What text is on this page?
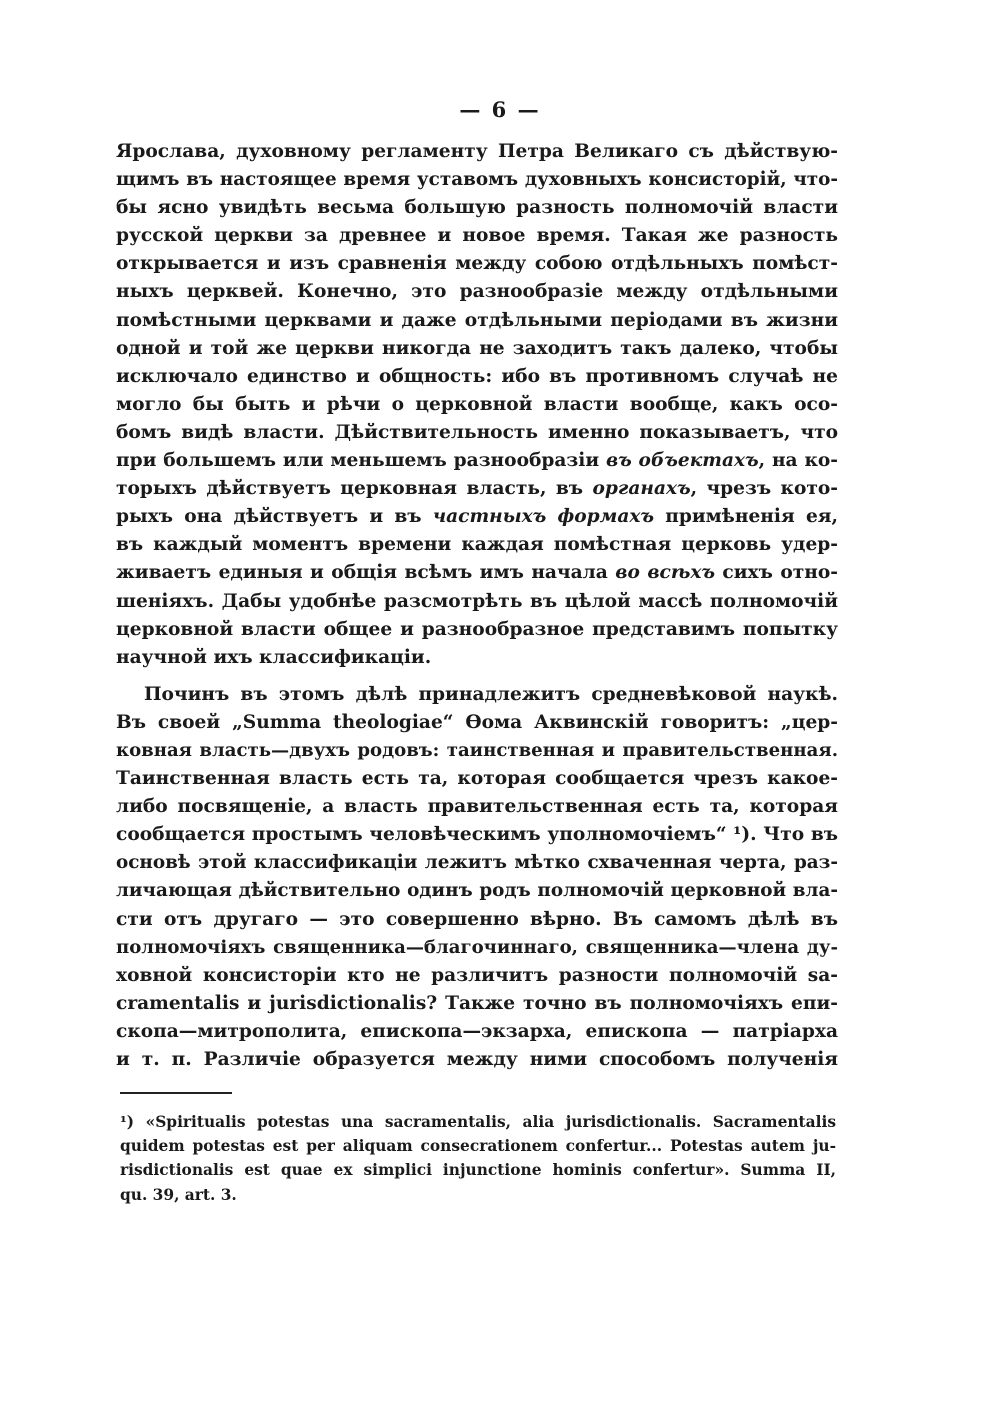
— 6 —
Ярослава, духовному регламенту Петра Великаго съ дѣйствую-
щимъ въ настоящее время уставомъ духовныхъ консисторій, что-
бы ясно увидѣть весьма большую разность полномочій власти
русской церкви за древнее и новое время. Такая же разность
открывается и изъ сравненія между собою отдѣльныхъ помѣст-
ныхъ церквей. Конечно, это разнообразіе между отдѣльными
помѣстными церквами и даже отдѣльными періодами въ жизни
одной и той же церкви никогда не заходитъ такъ далеко, чтобы
исключало единство и общность: ибо въ противномъ случаѣ не
могло бы быть и рѣчи о церковной власти вообще, какъ осо-
бомъ видѣ власти. Дѣйствительность именно показываетъ, что
при большемъ или меньшемъ разнообразіи въ объектахъ, на ко-
торыхъ дѣйствуетъ церковная власть, въ органахъ, чрезъ кото-
рыхъ она дѣйствуетъ и въ частныхъ формахъ примѣненія ея,
въ каждый моментъ времени каждая помѣстная церковь удер-
живаетъ единыя и общія всѣмъ имъ начала во всѣхъ сихъ отно-
шеніяхъ. Дабы удобнѣе разсмотрѣть въ цѣлой массѣ полномочій
церковной власти общее и разнообразное представимъ попытку
научной ихъ классификаціи.
Починъ въ этомъ дѣлѣ принадлежитъ средневѣковой наукѣ.
Въ своей „Summa theologiae“ Ѳома Аквинскій говоритъ: „цер-
ковная власть—двухъ родовъ: таинственная и правительственная.
Таинственная власть есть та, которая сообщается чрезъ какое-
либо посвященіе, а власть правительственная есть та, которая
сообщается простымъ человѣческимъ уполномочіемъ“ ¹). Что въ
основѣ этой классификаціи лежитъ мѣтко схваченная черта, раз-
личающая дѣйствительно одинъ родъ полномочій церковной вла-
сти отъ другаго — это совершенно вѣрно. Въ самомъ дѣлѣ въ
полномочіяхъ священника—благочиннаго, священника—члена ду-
ховной консисторіи кто не различитъ разности полномочій sa-
cramentalis и jurisdictionalis? Также точно въ полномочіяхъ епи-
скопа—митрополита, епископа—экзарха, епископа — патріарха
и т. п. Различіе образуется между ними способомъ полученія
¹) «Spiritualis potestas una sacramentalis, alia jurisdictionalis. Sacramentalis
quidem potestas est per aliquam consecrationem confertur... Potestas autem ju-
risdictionalis est quae ex simplici injunctione hominis confertur». Summa II,
qu. 39, art. 3.
